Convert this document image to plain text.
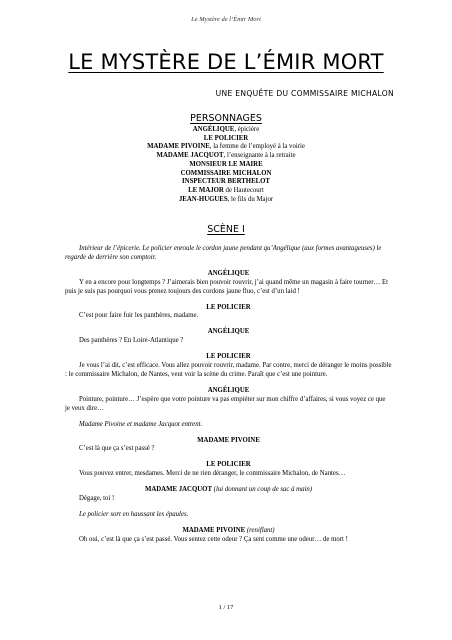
Le Mystère de l’Émir Mort
LE MYSTÈRE DE L’ÉMIR MORT
UNE ENQUÊTE DU COMMISSAIRE MICHALON
PERSONNAGES
ANGÉLIQUE, épicière
LE POLICIER
MADAME PIVOINE, la femme de l’employé à la voirie
MADAME JACQUOT, l’enseignante à la retraite
MONSIEUR LE MAIRE
COMMISSAIRE MICHALON
INSPECTEUR BERTHELOT
LE MAJOR de Hautecourt
JEAN-HUGUES, le fils du Major
SCÈNE I

Intérieur de l’épicerie. Le policier enroule le cordon jaune pendant qu’Angélique (aux formes avantageuses) le regarde de derrière son comptoir.

ANGÉLIQUE

Y en a encore pour longtemps ? J’aimerais bien pouvoir rouvrir, j’ai quand même un magasin à faire tourner… Et puis je suis pas pourquoi vous prenez toujours des cordons jaune fluo, c’est d’un laid !

LE POLICIER

C’est pour faire fuir les panthères, madame.

ANGÉLIQUE

Des panthères ? En Loire-Atlantique ?

LE POLICIER

Je vous l’ai dit, c’est efficace. Vous allez pouvoir rouvrir, madame. Par contre, merci de déranger le moins possible : le commissaire Michalon, de Nantes, veut voir la scène du crime. Paraît que c’est une pointure.

ANGÉLIQUE

Pointure, pointure… J’espère que votre pointure va pas empiéter sur mon chiffre d’affaires, si vous voyez ce que je veux dire…

Madame Pivoine et madame Jacquot entrent.

MADAME PIVOINE

C’est là que ça s’est passé ?

LE POLICIER

Vous pouvez entrer, mesdames. Merci de ne rien déranger, le commissaire Michalon, de Nantes…

MADAME JACQUOT (lui donnant un coup de sac à main)

Dégage, toi !

Le policier sort en haussant les épaules.

MADAME PIVOINE (reniflant)

Oh oui, c’est là que ça s’est passé. Vous sentez cette odeur ? Ça sent comme une odeur… de mort !

1 / 17
